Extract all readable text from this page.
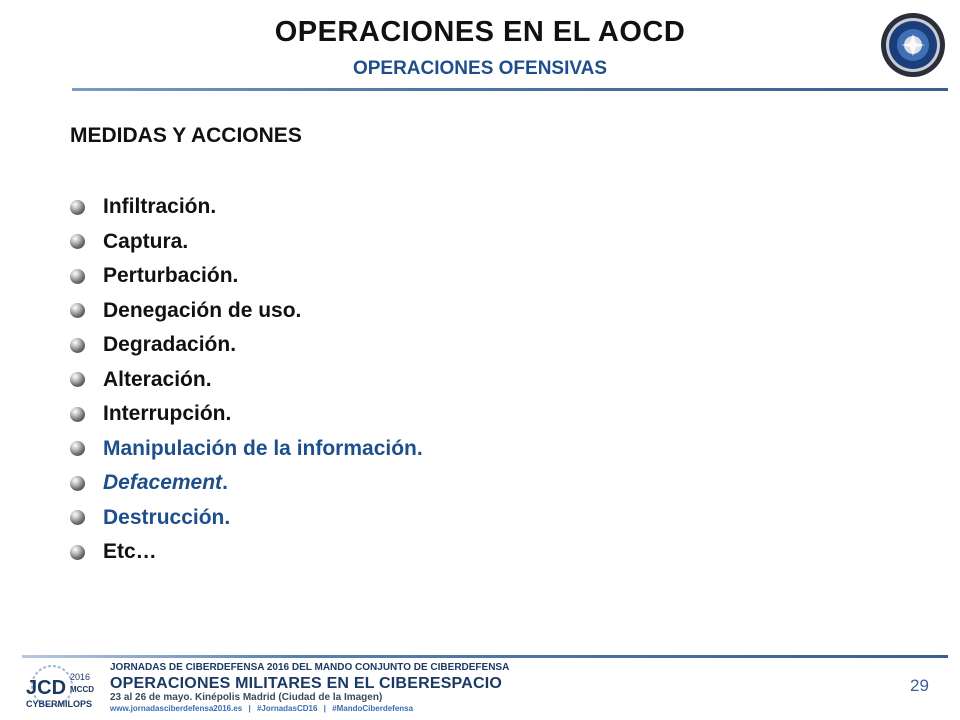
OPERACIONES EN EL AOCD
OPERACIONES OFENSIVAS
MEDIDAS Y ACCIONES
Infiltración.
Captura.
Perturbación.
Denegación de uso.
Degradación.
Alteración.
Interrupción.
Manipulación de la información.
Defacement .
Destrucción.
Etc…
JCD 2016
MCCD
CYBERMILOPS
JORNADAS DE CIBERDEFENSA 2016 DEL MANDO CONJUNTO DE CIBERDEFENSA
OPERACIONES MILITARES EN EL CIBERESPACIO
23 al 26 de mayo. Kinépolis Madrid (Ciudad de la Imagen)
www.jornadasciberdefensa2016.es | #JornadasCD16 | #MandoCiberdefensa
29
